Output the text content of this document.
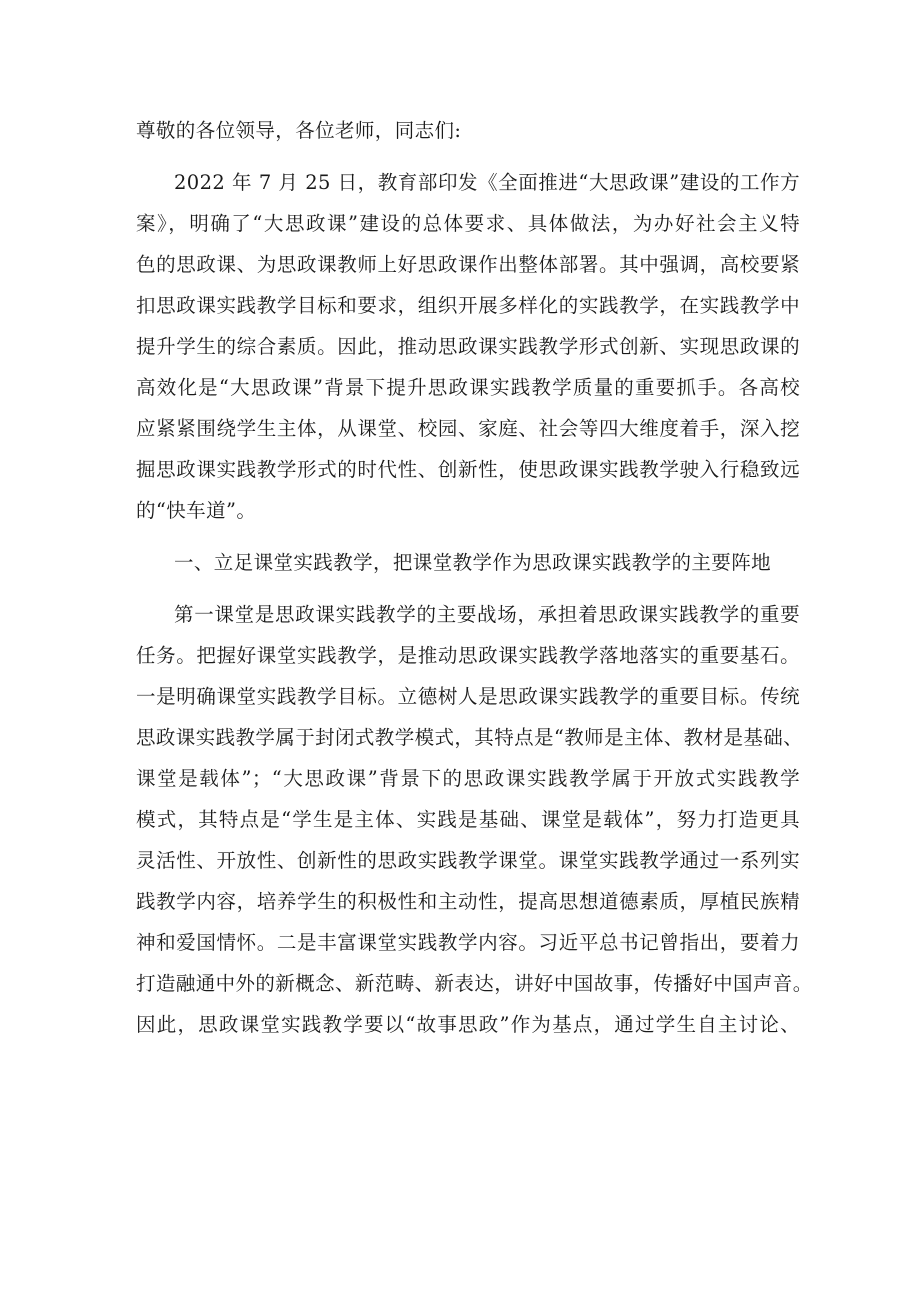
尊敬的各位领导，各位老师，同志们:
2022 年 7 月 25 日，教育部印发《全面推进“大思政课”建设的工作方
案》，明确了“大思政课”建设的总体要求、具体做法，为办好社会主义特
色的思政课、为思政课教师上好思政课作出整体部署。其中强调，高校要紧
扣思政课实践教学目标和要求，组织开展多样化的实践教学，在实践教学中
提升学生的综合素质。因此，推动思政课实践教学形式创新、实现思政课的
高效化是“大思政课”背景下提升思政课实践教学质量的重要抓手。各高校
应紧紧围绕学生主体，从课堂、校园、家庭、社会等四大维度着手，深入挖
掘思政课实践教学形式的时代性、创新性，使思政课实践教学驶入行稳致远
的“快车道”。
一、立足课堂实践教学，把课堂教学作为思政课实践教学的主要阵地
第一课堂是思政课实践教学的主要战场，承担着思政课实践教学的重要
任务。把握好课堂实践教学，是推动思政课实践教学落地落实的重要基石。
一是明确课堂实践教学目标。立德树人是思政课实践教学的重要目标。传统
思政课实践教学属于封闭式教学模式，其特点是“教师是主体、教材是基础、
课堂是载体”；“大思政课”背景下的思政课实践教学属于开放式实践教学
模式，其特点是“学生是主体、实践是基础、课堂是载体”，努力打造更具
灵活性、开放性、创新性的思政实践教学课堂。课堂实践教学通过一系列实
践教学内容，培养学生的积极性和主动性，提高思想道德素质，厚植民族精
神和爱国情怀。二是丰富课堂实践教学内容。习近平总书记曾指出，要着力
打造融通中外的新概念、新范畴、新表达，讲好中国故事，传播好中国声音。
因此，思政课堂实践教学要以“故事思政”作为基点，通过学生自主讨论、
